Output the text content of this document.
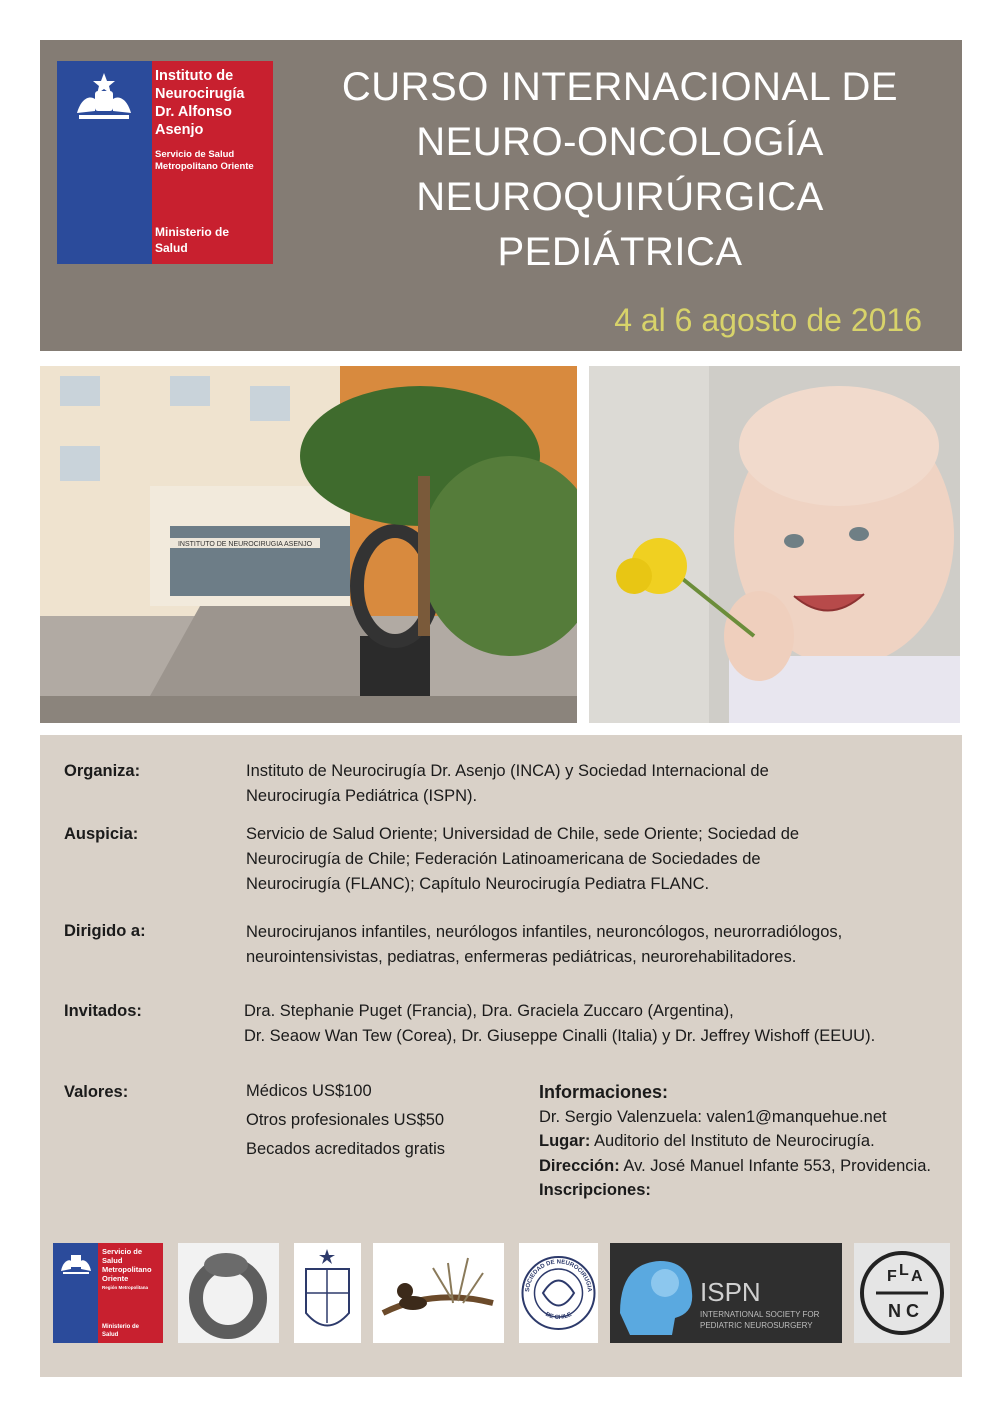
Instituto de
Neurocirugía
Dr. Alfonso
Asenjo
Servicio de Salud
Metropolitano Oriente
Ministerio de
Salud
CURSO INTERNACIONAL DE
NEURO-ONCOLOGÍA
NEUROQUIRÚRGICA
PEDIÁTRICA
4 al 6 agosto de 2016
INSTITUTO DE NEUROCIRUGIA ASENJO
Organiza:	Instituto de Neurocirugía Dr. Asenjo (INCA) y Sociedad Internacional de
Neurocirugía Pediátrica (ISPN).
Auspicia:	Servicio de Salud Oriente; Universidad de Chile, sede Oriente; Sociedad de
Neurocirugía de Chile; Federación Latinoamericana de Sociedades de
Neurocirugía (FLANC); Capítulo Neurocirugía Pediatra FLANC.
Dirigido a:	Neurocirujanos infantiles, neurólogos infantiles, neuroncólogos, neurorradiólogos,
neurointensivistas, pediatras, enfermeras pediátricas, neurorehabilitadores.
Invitados:	Dra. Stephanie Puget (Francia), Dra. Graciela Zuccaro (Argentina),
Dr. Seaow Wan Tew (Corea), Dr. Giuseppe Cinalli (Italia) y Dr. Jeffrey Wishoff (EEUU).
Valores:	Médicos US$100
Otros profesionales US$50
Becados acreditados gratis
Informaciones:
Dr. Sergio Valenzuela: valen1@manquehue.net
Lugar: Auditorio del Instituto de Neurocirugía.
Dirección: Av. José Manuel Infante 553, Providencia.
Inscripciones:
Servicio de
Salud
Metropolitano
Oriente
Región Metropolitana
Ministerio de
Salud
SOCIEDAD DE NEUROCIRUGIA
DE CHILE
ISPN
INTERNATIONAL SOCIETY FOR
PEDIATRIC NEUROSURGERY
F L A
N C
